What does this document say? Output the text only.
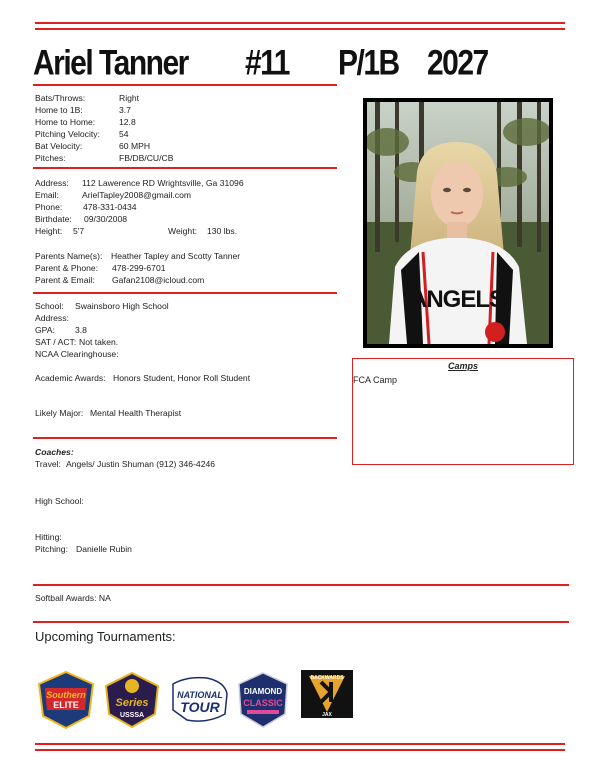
Ariel Tanner #11 P/1B 2027
Bats/Throws:	Right
Home to 1B:	3.7
Home to Home:	12.8
Pitching Velocity: 54
Bat Velocity:	60 MPH
Pitches:	FB/DB/CU/CB
Address: 112 Lawerence RD Wrightsville, Ga 31096
Email:	ArielTapley2008@gmail.com
Phone: 478-331-0434
Birthdate: 09/30/2008
Height: 5'7	Weight: 130 lbs.
Parents Name(s): Heather Tapley and Scotty Tanner
Parent & Phone: 478-299-6701
Parent & Email: Gafan2108@icloud.com
School: Swainsboro High School
Address:
GPA: 3.8
SAT / ACT: Not taken.
NCAA Clearinghouse:
Academic Awards: Honors Student, Honor Roll Student
Likely Major: Mental Health Therapist
Coaches:
Travel: Angels/ Justin Shuman (912) 346-4246
High School:
Hitting:
Pitching: Danielle Rubin
Softball Awards: NA
Upcoming Tournaments:
ANGELS
Camps
FCA Camp
Southern
ELITE	Series
USSSA
NATIONAL
TOUR
DIAMOND
CLASSIC
BACKWARDS
JAX
